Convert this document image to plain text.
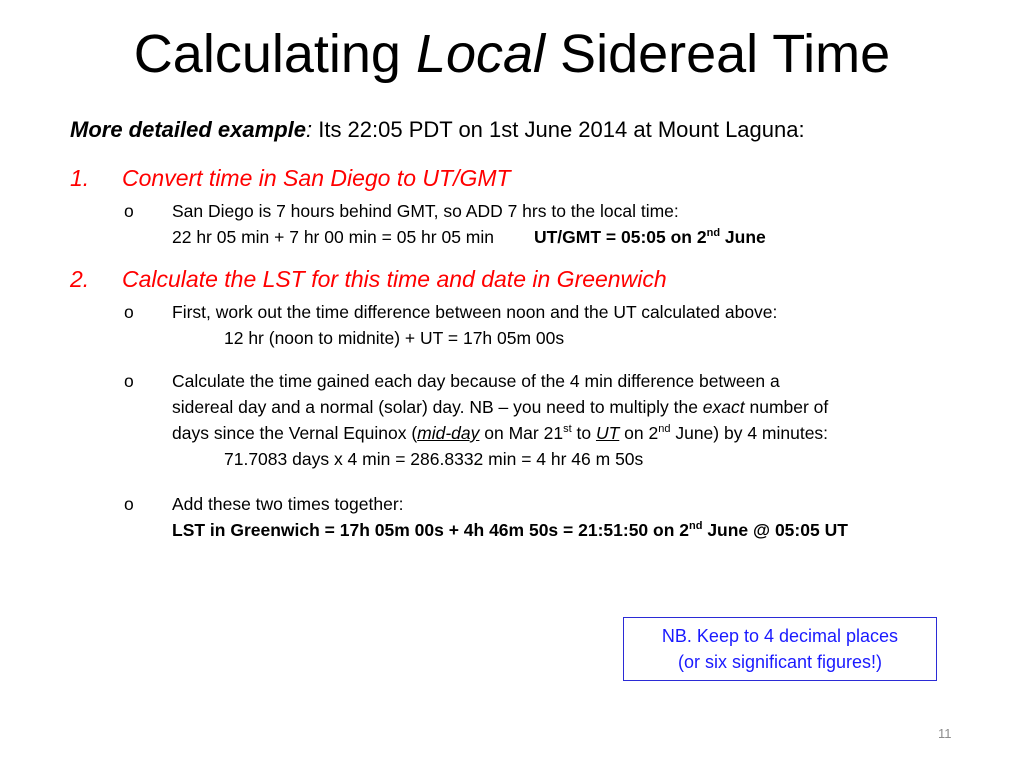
Calculating Local Sidereal Time
More detailed example: Its 22:05 PDT on 1st June 2014 at Mount Laguna:
1. Convert time in San Diego to UT/GMT
o San Diego is 7 hours behind GMT, so ADD 7 hrs to the local time:
22 hr 05 min + 7 hr 00 min = 05 hr 05 min UT/GMT = 05:05 on 2nd June
2. Calculate the LST for this time and date in Greenwich
o First, work out the time difference between noon and the UT calculated above:
12 hr (noon to midnite) + UT = 17h 05m 00s
o Calculate the time gained each day because of the 4 min difference between a
sidereal day and a normal (solar) day. NB – you need to multiply the exact number of
days since the Vernal Equinox (mid-day on Mar 21st to UT on 2nd June) by 4 minutes:
71.7083 days x 4 min = 286.8332 min = 4 hr 46 m 50s
o Add these two times together:
LST in Greenwich = 17h 05m 00s + 4h 46m 50s = 21:51:50 on 2nd June @ 05:05 UT
NB. Keep to 4 decimal places
(or six significant figures!)
11
